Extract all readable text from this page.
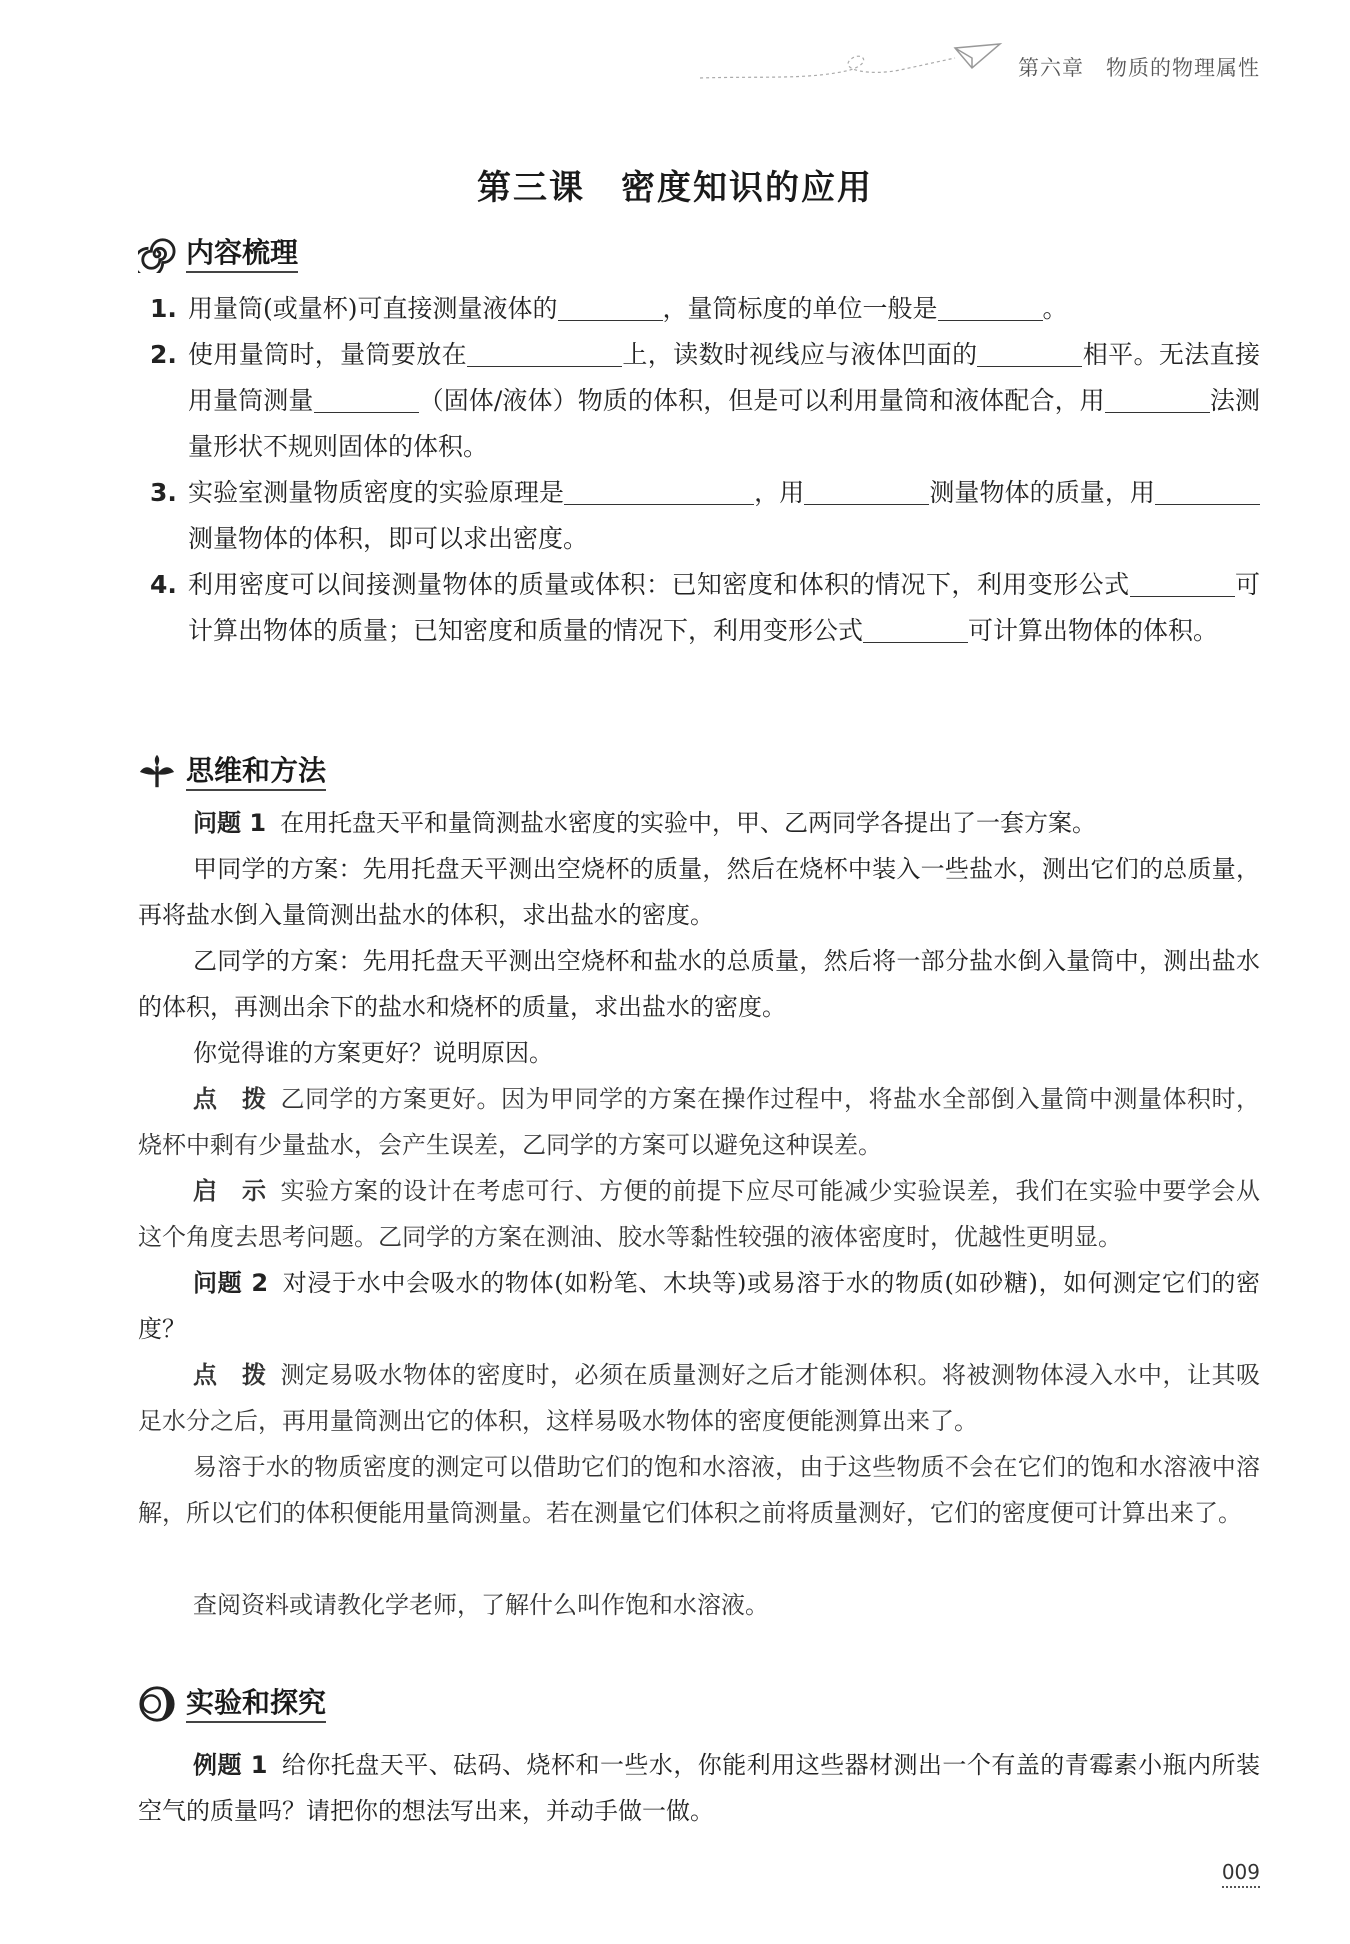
第六章　物质的物理属性
第三课　密度知识的应用
内容梳理
1. 用量筒(或量杯)可直接测量液体的	，量筒标度的单位一般是	。
2. 使用量筒时，量筒要放在	上，读数时视线应与液体凹面的	相平。无法直接用量筒测量	（固体/液体）物质的体积，但是可以利用量筒和液体配合，用	法测量形状不规则固体的体积。
3. 实验室测量物质密度的实验原理是	，用	测量物体的质量，用测量物体的体积，即可以求出密度。
4. 利用密度可以间接测量物体的质量或体积：已知密度和体积的情况下，利用变形公式	可计算出物体的质量；已知密度和质量的情况下，利用变形公式	可计算出物体的体积。
思维和方法
问题 1 在用托盘天平和量筒测盐水密度的实验中，甲、乙两同学各提出了一套方案。
甲同学的方案：先用托盘天平测出空烧杯的质量，然后在烧杯中装入一些盐水，测出它们的总质量，再将盐水倒入量筒测出盐水的体积，求出盐水的密度。
乙同学的方案：先用托盘天平测出空烧杯和盐水的总质量，然后将一部分盐水倒入量筒中，测出盐水的体积，再测出余下的盐水和烧杯的质量，求出盐水的密度。
你觉得谁的方案更好？说明原因。
点　拨 乙同学的方案更好。因为甲同学的方案在操作过程中，将盐水全部倒入量筒中测量体积时，烧杯中剩有少量盐水，会产生误差，乙同学的方案可以避免这种误差。
启　示 实验方案的设计在考虑可行、方便的前提下应尽可能减少实验误差，我们在实验中要学会从这个角度去思考问题。乙同学的方案在测油、胶水等黏性较强的液体密度时，优越性更明显。
问题 2 对浸于水中会吸水的物体(如粉笔、木块等)或易溶于水的物质(如砂糖)，如何测定它们的密度？
点　拨 测定易吸水物体的密度时，必须在质量测好之后才能测体积。将被测物体浸入水中，让其吸足水分之后，再用量筒测出它的体积，这样易吸水物体的密度便能测算出来了。
易溶于水的物质密度的测定可以借助它们的饱和水溶液，由于这些物质不会在它们的饱和水溶液中溶解，所以它们的体积便能用量筒测量。若在测量它们体积之前将质量测好，它们的密度便可计算出来了。
查阅资料或请教化学老师，了解什么叫作饱和水溶液。
实验和探究
例题 1 给你托盘天平、砝码、烧杯和一些水，你能利用这些器材测出一个有盖的青霉素小瓶内所装空气的质量吗？请把你的想法写出来，并动手做一做。
009
